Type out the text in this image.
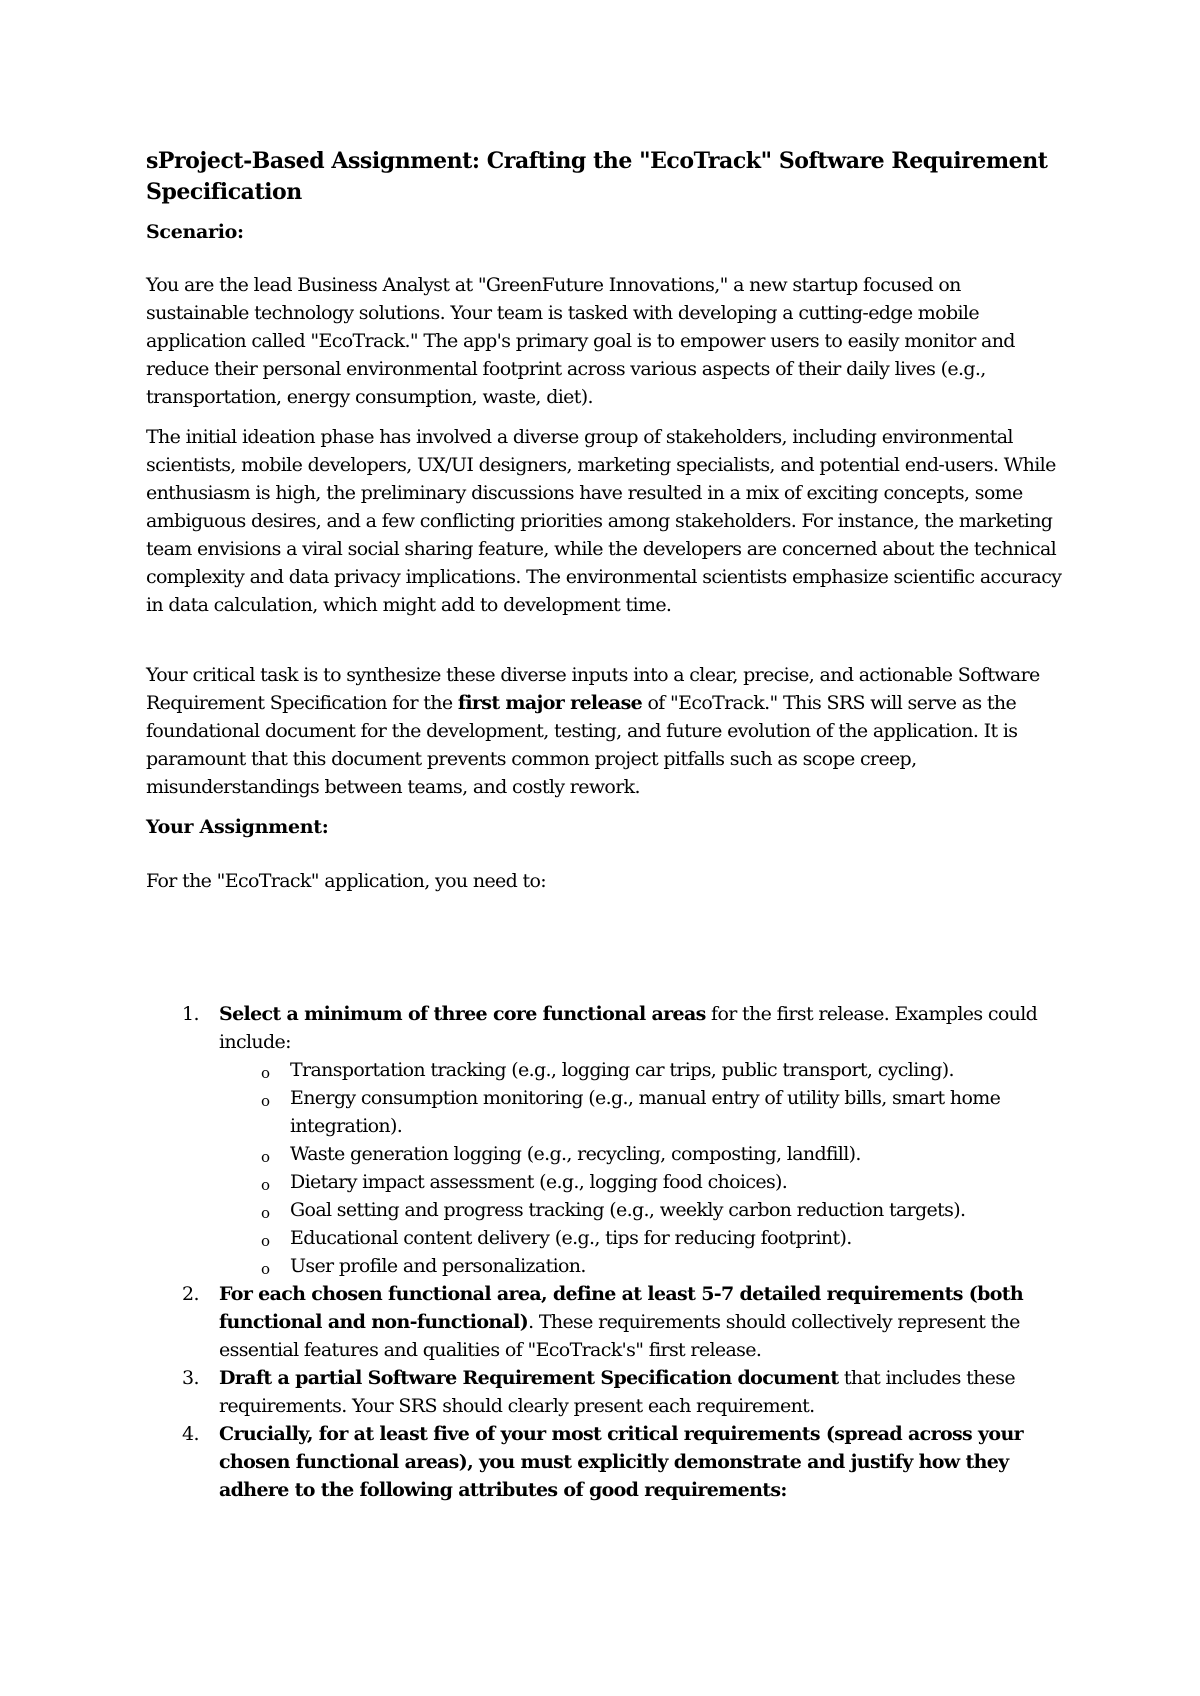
sProject-Based Assignment: Crafting the "EcoTrack" Software Requirement Specification
Scenario:

You are the lead Business Analyst at "GreenFuture Innovations," a new startup focused on sustainable technology solutions. Your team is tasked with developing a cutting-edge mobile application called "EcoTrack." The app's primary goal is to empower users to easily monitor and reduce their personal environmental footprint across various aspects of their daily lives (e.g., transportation, energy consumption, waste, diet).

The initial ideation phase has involved a diverse group of stakeholders, including environmental scientists, mobile developers, UX/UI designers, marketing specialists, and potential end-users. While enthusiasm is high, the preliminary discussions have resulted in a mix of exciting concepts, some ambiguous desires, and a few conflicting priorities among stakeholders. For instance, the marketing team envisions a viral social sharing feature, while the developers are concerned about the technical complexity and data privacy implications. The environmental scientists emphasize scientific accuracy in data calculation, which might add to development time.

Your critical task is to synthesize these diverse inputs into a clear, precise, and actionable Software Requirement Specification for the first major release of "EcoTrack." This SRS will serve as the foundational document for the development, testing, and future evolution of the application. It is paramount that this document prevents common project pitfalls such as scope creep, misunderstandings between teams, and costly rework.

Your Assignment:

For the "EcoTrack" application, you need to:

1. Select a minimum of three core functional areas for the first release. Examples could include:
o Transportation tracking (e.g., logging car trips, public transport, cycling).
o Energy consumption monitoring (e.g., manual entry of utility bills, smart home integration).
o Waste generation logging (e.g., recycling, composting, landfill).
o Dietary impact assessment (e.g., logging food choices).
o Goal setting and progress tracking (e.g., weekly carbon reduction targets).
o Educational content delivery (e.g., tips for reducing footprint).
o User profile and personalization.
2. For each chosen functional area, define at least 5-7 detailed requirements (both functional and non-functional). These requirements should collectively represent the essential features and qualities of "EcoTrack's" first release.
3. Draft a partial Software Requirement Specification document that includes these requirements. Your SRS should clearly present each requirement.
4. Crucially, for at least five of your most critical requirements (spread across your chosen functional areas), you must explicitly demonstrate and justify how they adhere to the following attributes of good requirements:
